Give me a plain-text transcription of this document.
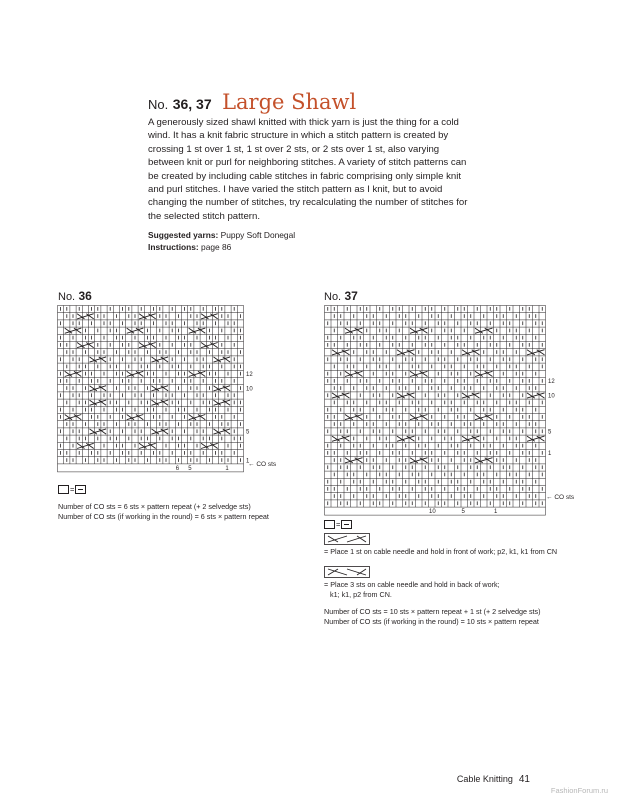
No. 36, 37 Large Shawl
A generously sized shawl knitted with thick yarn is just the thing for a cold wind. It has a knit fabric structure in which a stitch pattern is created by crossing 1 st over 1 st, 1 st over 2 sts, or 2 sts over 1 st, also varying between knit or purl for neighboring stitches. A variety of stitch patterns can be created by including cable stitches in fabric comprising only simple knit and purl stitches. I have varied the stitch pattern as I knit, but to avoid changing the number of stitches, try recalculating the number of stitches for the selected stitch pattern.
Suggested yarns: Puppy Soft Donegal
Instructions: page 86
No. 36
12
10
5
1
6 5	1
← CO sts
=
Number of CO sts = 6 sts × pattern repeat (+ 2 selvedge sts)
Number of CO sts (if working in the round) = 6 sts × pattern repeat
No. 37
12
10
5
1
10	5	1
← CO sts
=
= Place 1 st on cable needle and hold in front of work; p2, k1, k1 from CN
= Place 3 sts on cable needle and hold in back of work;
k1; k1, p2 from CN.
Number of CO sts = 10 sts × pattern repeat + 1 st (+ 2 selvedge sts)
Number of CO sts (if working in the round) = 10 sts × pattern repeat
Cable Knitting 41
FashionForum.ru
